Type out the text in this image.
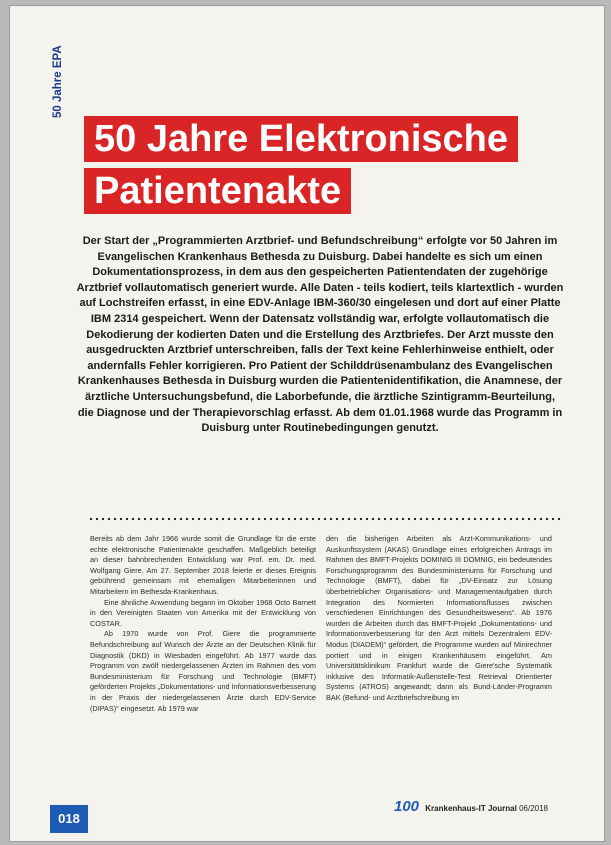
50 Jahre EPA
50 Jahre Elektronische
Patientenakte
Der Start der „Programmierten Arztbrief- und Befundschreibung“ erfolgte vor 50 Jahren im Evangelischen Krankenhaus Bethesda zu Duisburg. Dabei handelte es sich um einen Dokumentationsprozess, in dem aus den gespeicherten Patientendaten der zugehörige Arztbrief vollautomatisch generiert wurde. Alle Daten - teils kodiert, teils klartextlich - wurden auf Lochstreifen erfasst, in eine EDV-Anlage IBM-360/30 eingelesen und dort auf einer Platte IBM 2314 gespeichert. Wenn der Datensatz vollständig war, erfolgte vollautomatisch die Dekodierung der kodierten Daten und die Erstellung des Arztbriefes. Der Arzt musste den ausgedruckten Arztbrief unterschreiben, falls der Text keine Fehlerhinweise enthielt, oder andernfalls Fehler korrigieren. Pro Patient der Schilddrüsenambulanz des Evangelischen Krankenhauses Bethesda in Duisburg wurden die Patientenidentifikation, die Anamnese, der ärztliche Untersuchungsbefund, die Laborbefunde, die ärztliche Szintigramm-Beurteilung, die Diagnose und der Therapievorschlag erfasst. Ab dem 01.01.1968 wurde das Programm in Duisburg unter Routinebedingungen genutzt.

Bereits ab dem Jahr 1966 wurde somit die Grundlage für die erste echte elektronische Patientenakte geschaffen. Maßgeblich beteiligt an dieser bahnbrechenden Entwicklung war Prof. em. Dr. med. Wolfgang Giere. Am 27. September 2018 feierte er dieses Ereignis gebührend gemeinsam mit ehemaligen Mitarbeiterinnen und Mitarbeitern im Bethesda-Krankenhaus.

Eine ähnliche Anwendung begann im Oktober 1968 Octo Barnett in den Vereinigten Staaten von Amerika mit der Entwicklung von COSTAR.

Ab 1970 wurde von Prof. Giere die programmierte Befundschreibung auf Wunsch der Ärzte an der Deutschen Klinik für Diagnostik (DKD) in Wiesbaden eingeführt. Ab 1977 wurde das Programm von zwölf niedergelassenen Ärzten im Rahmen des vom Bundesministerium für Forschung und Technologie (BMFT) geförderten Projekts „Dokumentations- und Informationsverbesserung in der Praxis der niedergelassenen Ärzte durch EDV-Service (DIPAS)“ eingesetzt. Ab 1979 war

den die bisherigen Arbeiten als Arzt-Kommunikations- und Auskunftssystem (AKAS) Grundlage eines erfolgreichen Antrags im Rahmen des BMFT-Projekts DOMINIG III DOMNIG, ein bedeutendes Forschungsprogramm des Bundesministeriums für Forschung und Technologie (BMFT), dabei für „DV-Einsatz zur Lösung überbetrieblicher Organisations- und Managementaufgaben durch Integration des Normierten Informationsflusses zwischen verschiedenen Einrichtungen des Gesundheitswesens“. Ab 1976 wurden die Arbeiten durch das BMFT-Projekt „Dokumentations- und Informationsverbesserung für den Arzt mittels Dezentralem EDV-Modus (DIADEM)“ gefördert, die Programme wurden auf Minirechner portiert und in einigen Krankenhäusern eingeführt. Am Universitätsklinikum Frankfurt wurde die Giere'sche Systematik inklusive des Informatik-Außenstelle-Test Retrieval Orientierter Systems (ATROS) angewandt; dann als Bund-Länder-Programm BAK (Befund- und Arztbriefschreibung im

018
100 Krankenhaus-IT Journal 06/2018
